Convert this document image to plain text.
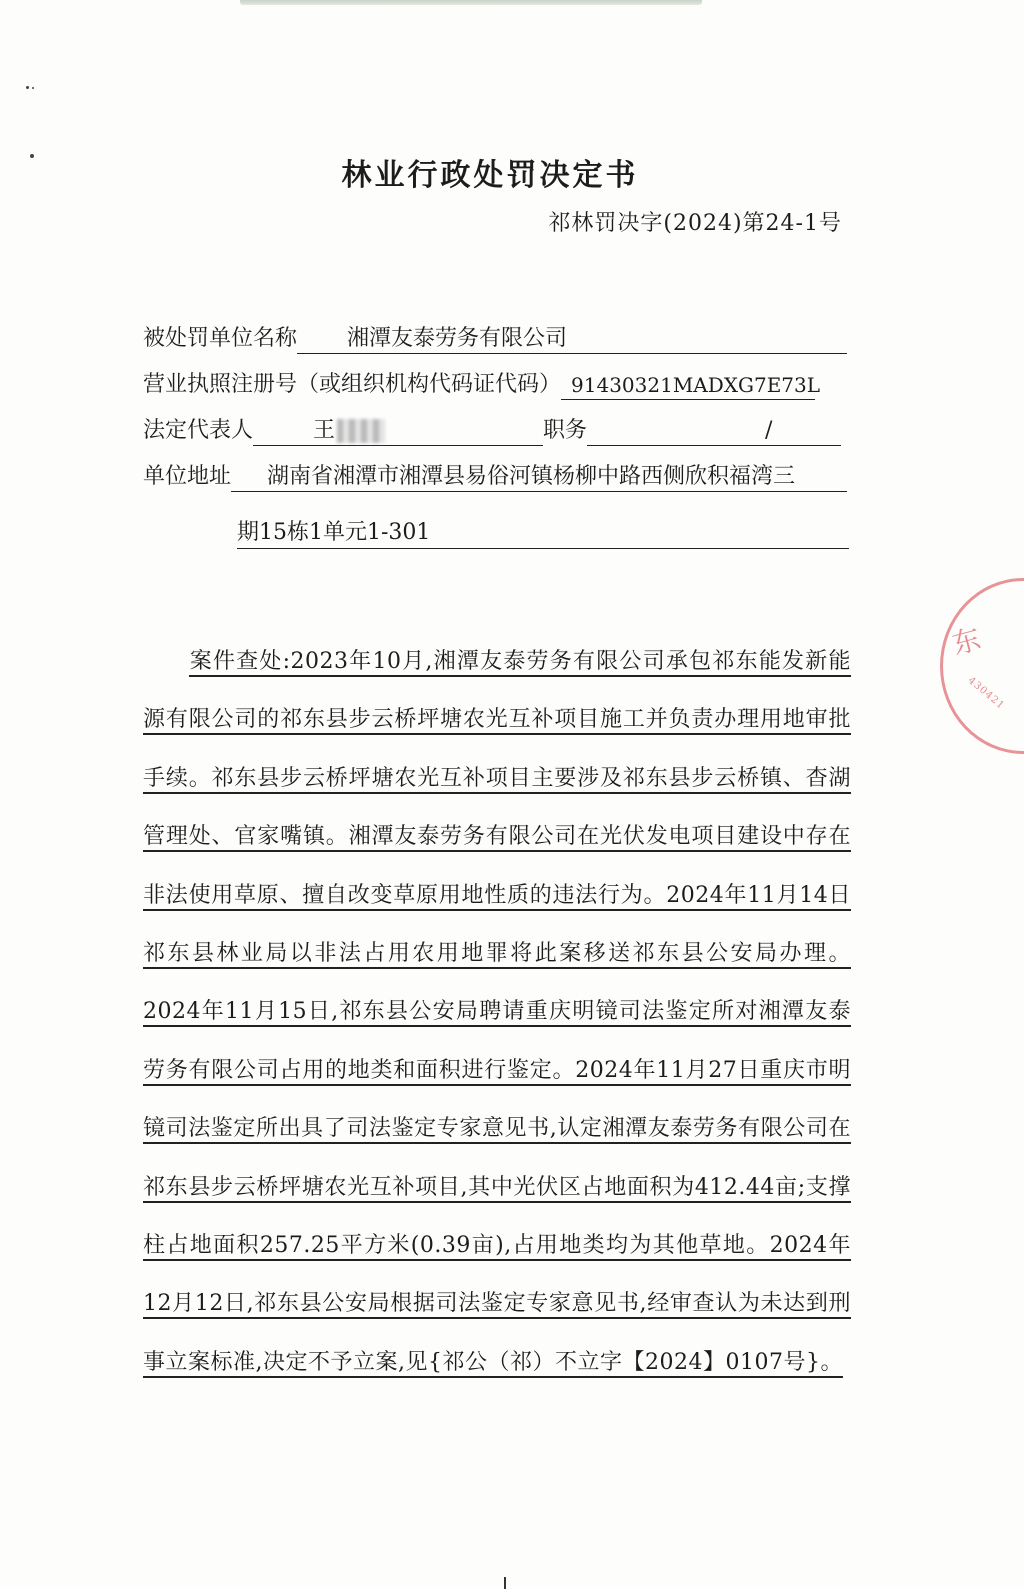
林业行政处罚决定书
祁林罚决字(2024)第24-1号
被处罚单位名称	湘潭友泰劳务有限公司
营业执照注册号（或组织机构代码证代码） 91430321MADXG7E73L
法定代表人	王	职务	/
单位地址	湖南省湘潭市湘潭县易俗河镇杨柳中路西侧欣积福湾三
期15栋1单元1-301
案件查处:2023年10月,湘潭友泰劳务有限公司承包祁东能发新能源有限公司的祁东县步云桥坪塘农光互补项目施工并负责办理用地审批手续。祁东县步云桥坪塘农光互补项目主要涉及祁东县步云桥镇、杳湖管理处、官家嘴镇。湘潭友泰劳务有限公司在光伏发电项目建设中存在非法使用草原、擅自改变草原用地性质的违法行为。2024年11月14日祁东县林业局以非法占用农用地罪将此案移送祁东县公安局办理。2024年11月15日,祁东县公安局聘请重庆明镜司法鉴定所对湘潭友泰劳务有限公司占用的地类和面积进行鉴定。2024年11月27日重庆市明镜司法鉴定所出具了司法鉴定专家意见书,认定湘潭友泰劳务有限公司在祁东县步云桥坪塘农光互补项目,其中光伏区占地面积为412.44亩;支撑柱占地面积257.25平方米(0.39亩),占用地类均为其他草地。2024年12月12日,祁东县公安局根据司法鉴定专家意见书,经审查认为未达到刑事立案标准,决定不予立案,见{祁公（祁）不立字【2024】0107号}。
东
430421
